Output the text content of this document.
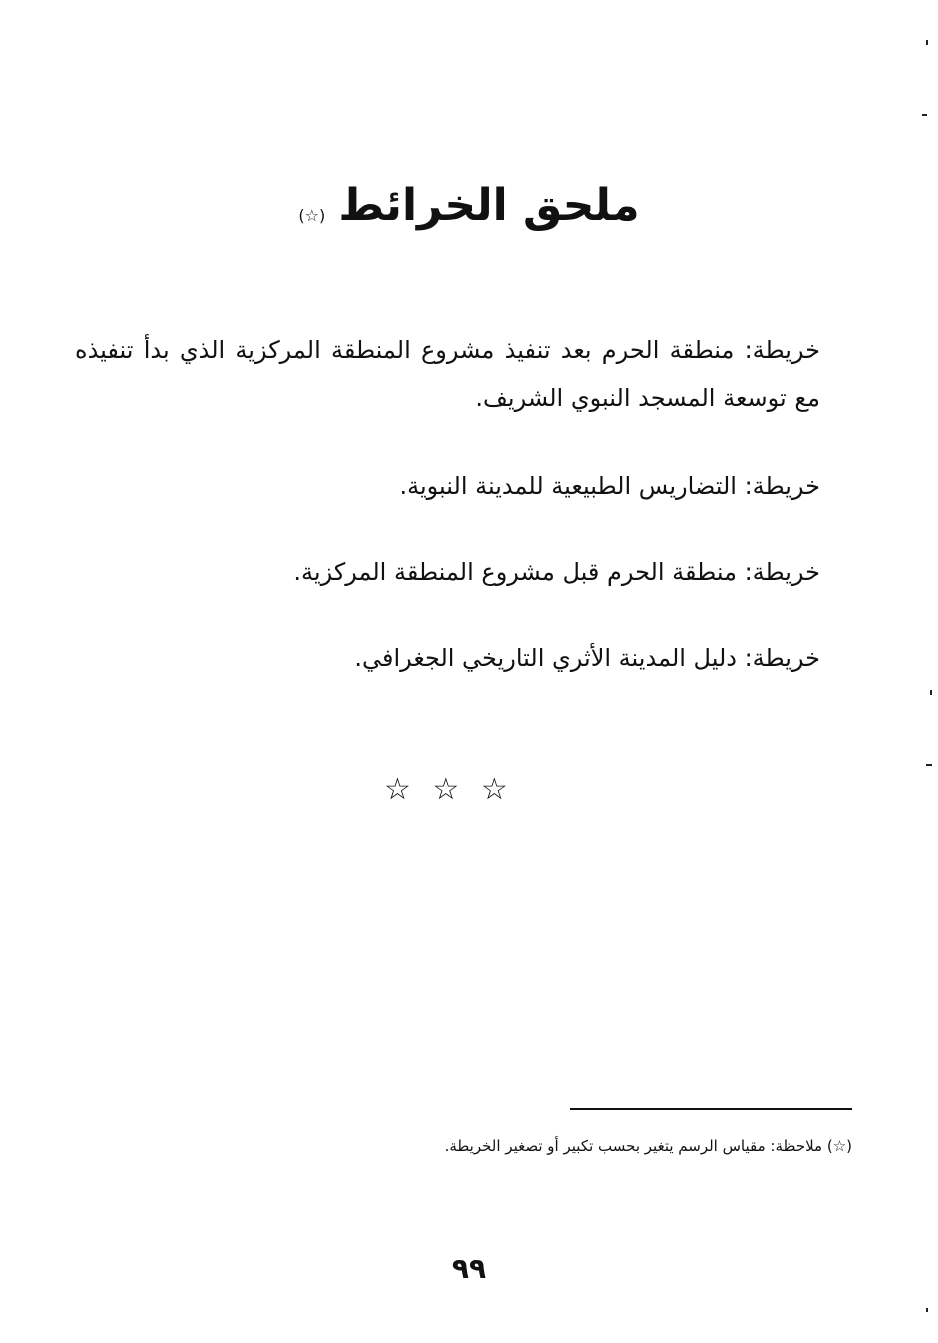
ملحق الخرائط (☆)

خريطة: منطقة الحرم بعد تنفيذ مشروع المنطقة المركزية الذي بدأ تنفيذه مع توسعة المسجد النبوي الشريف.

خريطة: التضاريس الطبيعية للمدينة النبوية.

خريطة: منطقة الحرم قبل مشروع المنطقة المركزية.

خريطة: دليل المدينة الأثري التاريخي الجغرافي.

☆ ☆ ☆

(☆) ملاحظة: مقياس الرسم يتغير بحسب تكبير أو تصغير الخريطة.

٩٩
